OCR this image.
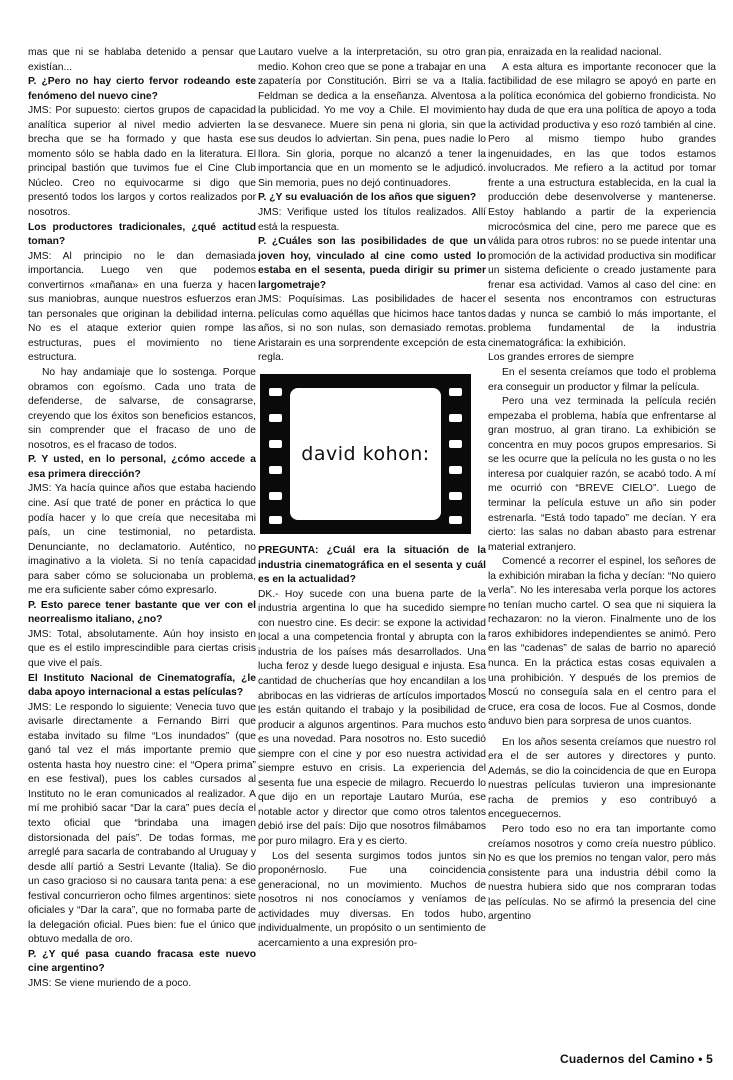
mas que ni se hablaba detenido a pensar que existían...

P. ¿Pero no hay cierto fervor rodeando este fenómeno del nuevo cine?

JMS: Por supuesto: ciertos grupos de capacidad analítica superior al nivel medio advierten la brecha que se ha formado y que hasta ese momento sólo se habla dado en la literatura. El principal bastión que tuvimos fue el Cine Club Núcleo. Creo no equivocarme si digo que presentó todos los largos y cortos realizados por nosotros.

Los productores tradicionales, ¿qué actitud toman?

JMS: Al principio no le dan demasiada importancia. Luego ven que podemos convertirnos «mañana» en una fuerza y hacen sus maniobras, aunque nuestros esfuerzos eran tan personales que originan la debilidad interna. No es el ataque exterior quien rompe las estructuras, pues el movimiento no tiene estructura.

No hay andamiaje que lo sostenga. Porque obramos con egoísmo. Cada uno trata de defenderse, de salvarse, de consagrarse, creyendo que los éxitos son beneficios estancos, sin comprender que el fracaso de uno de nosotros, es el fracaso de todos.

P. Y usted, en lo personal, ¿cómo accede a esa primera dirección?

JMS: Ya hacía quince años que estaba haciendo cine. Así que traté de poner en práctica lo que podía hacer y lo que creía que necesitaba mi país, un cine testimonial, no petardista. Denunciante, no declamatorio. Auténtico, no imaginativo a la violeta. Si no tenía capacidad para saber cómo se solucionaba un problema, me era suficiente saber cómo expresarlo.

P. Esto parece tener bastante que ver con el neorrealismo italiano, ¿no?

JMS: Total, absolutamente. Aún hoy insisto en que es el estilo imprescindible para ciertas crisis que vive el país.

El Instituto Nacional de Cinematografía, ¿le daba apoyo internacional a estas películas?

JMS: Le respondo lo siguiente: Venecia tuvo que avisarle directamente a Fernando Birri que estaba invitado su filme “Los inundados” (que ganó tal vez el más importante premio que ostenta hasta hoy nuestro cine: el “Opera prima” en ese festival), pues los cables cursados al Instituto no le eran comunicados al realizador. A mí me prohibió sacar “Dar la cara” pues decía el texto oficial que “brindaba una imagen distorsionada del país”. De todas formas, me arreglé para sacarla de contrabando al Uruguay y desde allí partió a Sestri Levante (Italia). Se dio un caso gracioso si no causara tanta pena: a ese festival concurrieron ocho filmes argentinos: siete oficiales y “Dar la cara”, que no formaba parte de la delegación oficial. Pues bien: fue el único que obtuvo medalla de oro.

P. ¿Y qué pasa cuando fracasa este nuevo cine argentino?

JMS: Se viene muriendo de a poco.

Lautaro vuelve a la interpretación, su otro gran medio. Kohon creo que se pone a trabajar en una zapatería por Constitución. Birri se va a Italia. Feldman se dedica a la enseñanza. Alventosa a la publicidad. Yo me voy a Chile. El movimiento se desvanece. Muere sin pena ni gloria, sin que sus deudos lo adviertan. Sin pena, pues nadie lo llora. Sin gloria, porque no alcanzó a tener la importancia que en un momento se le adjudicó. Sin memoria, pues no dejó continuadores.

P. ¿Y su evaluación de los años que siguen?

JMS: Verifique usted los títulos realizados. Allí está la respuesta.

P. ¿Cuáles son las posibilidades de que un joven hoy, vinculado al cine como usted lo estaba en el sesenta, pueda dirigir su primer largometraje?

JMS: Poquísimas. Las posibilidades de hacer películas como aquéllas que hicimos hace tantos años, si no son nulas, son demasiado remotas. Aristarain es una sorprendente excepción de esta regla.

david kohon:

PREGUNTA: ¿Cuál era la situación de la industria cinematográfica en el sesenta y cuál es en la actualidad?

DK.- Hoy sucede con una buena parte de la industria argentina lo que ha sucedido siempre con nuestro cine. Es decir: se expone la actividad local a una competencia frontal y abrupta con la industria de los países más desarrollados. Una lucha feroz y desde luego desigual e injusta. Esa cantidad de chucherías que hoy encandilan a los abribocas en las vidrieras de artículos importados les están quitando el trabajo y la posibilidad de producir a algunos argentinos. Para muchos esto es una novedad. Para nosotros no. Esto sucedió siempre con el cine y por eso nuestra actividad siempre estuvo en crisis. La experiencia del sesenta fue una especie de milagro. Recuerdo lo que dijo en un reportaje Lautaro Murúa, ese notable actor y director que como otros talentos debió irse del país: Dijo que nosotros filmábamos por puro milagro. Era y es cierto.

Los del sesenta surgimos todos juntos sin proponérnoslo. Fue una coincidencia generacional, no un movimiento. Muchos de nosotros ni nos conocíamos y veníamos de actividades muy diversas. En todos hubo, individualmente, un propósito o un sentimiento de acercamiento a una expresión pro-

pia, enraizada en la realidad nacional.

A esta altura es importante reconocer que la factibilidad de ese milagro se apoyó en parte en la política económica del gobierno frondicista. No hay duda de que era una política de apoyo a toda la actividad productiva y eso rozó también al cine. Pero al mismo tiempo hubo grandes ingenuidades, en las que todos estamos involucrados. Me refiero a la actitud por tomar frente a una estructura establecida, en la cual la producción debe desenvolverse y mantenerse. Estoy hablando a partir de la experiencia microcósmica del cine, pero me parece que es válida para otros rubros: no se puede intentar una promoción de la actividad productiva sin modificar un sistema deficiente o creado justamente para frenar esa actividad. Vamos al caso del cine: en el sesenta nos encontramos con estructuras dadas y nunca se cambió lo más importante, el problema fundamental de la industria cinematográfica: la exhibición.

Los grandes errores de siempre

En el sesenta creíamos que todo el problema era conseguir un productor y filmar la película.

Pero una vez terminada la película recién empezaba el problema, había que enfrentarse al gran mostruo, al gran tirano. La exhibición se concentra en muy pocos grupos empresarios. Si se les ocurre que la película no les gusta o no les interesa por cualquier razón, se acabó todo. A mí me ocurrió con “BREVE CIELO”. Luego de terminar la película estuve un año sin poder estrenarla. “Está todo tapado” me decían. Y era cierto: las salas no daban abasto para estrenar material extranjero.

Comencé a recorrer el espinel, los señores de la exhibición miraban la ficha y decían: “No quiero verla”. No les interesaba verla porque los actores no tenían mucho cartel. O sea que ni siquiera la rechazaron: no la vieron. Finalmente uno de los raros exhibidores independientes se animó. Pero en las “cadenas” de salas de barrio no apareció nunca. En la práctica estas cosas equivalen a una prohibición. Y después de los premios de Moscú no conseguía sala en el centro para el cruce, era cosa de locos. Fue al Cosmos, donde anduvo bien para sorpresa de unos cuantos.

En los años sesenta creíamos que nuestro rol era el de ser autores y directores y punto. Además, se dio la coincidencia de que en Europa nuestras películas tuvieron una impresionante racha de premios y eso contribuyó a enceguecernos.

Pero todo eso no era tan importante como creíamos nosotros y como creía nuestro público. No es que los premios no tengan valor, pero más consistente para una industria débil como la nuestra hubiera sido que nos compraran todas las películas. No se afirmó la presencia del cine argentino

Cuadernos del Camino • 5
